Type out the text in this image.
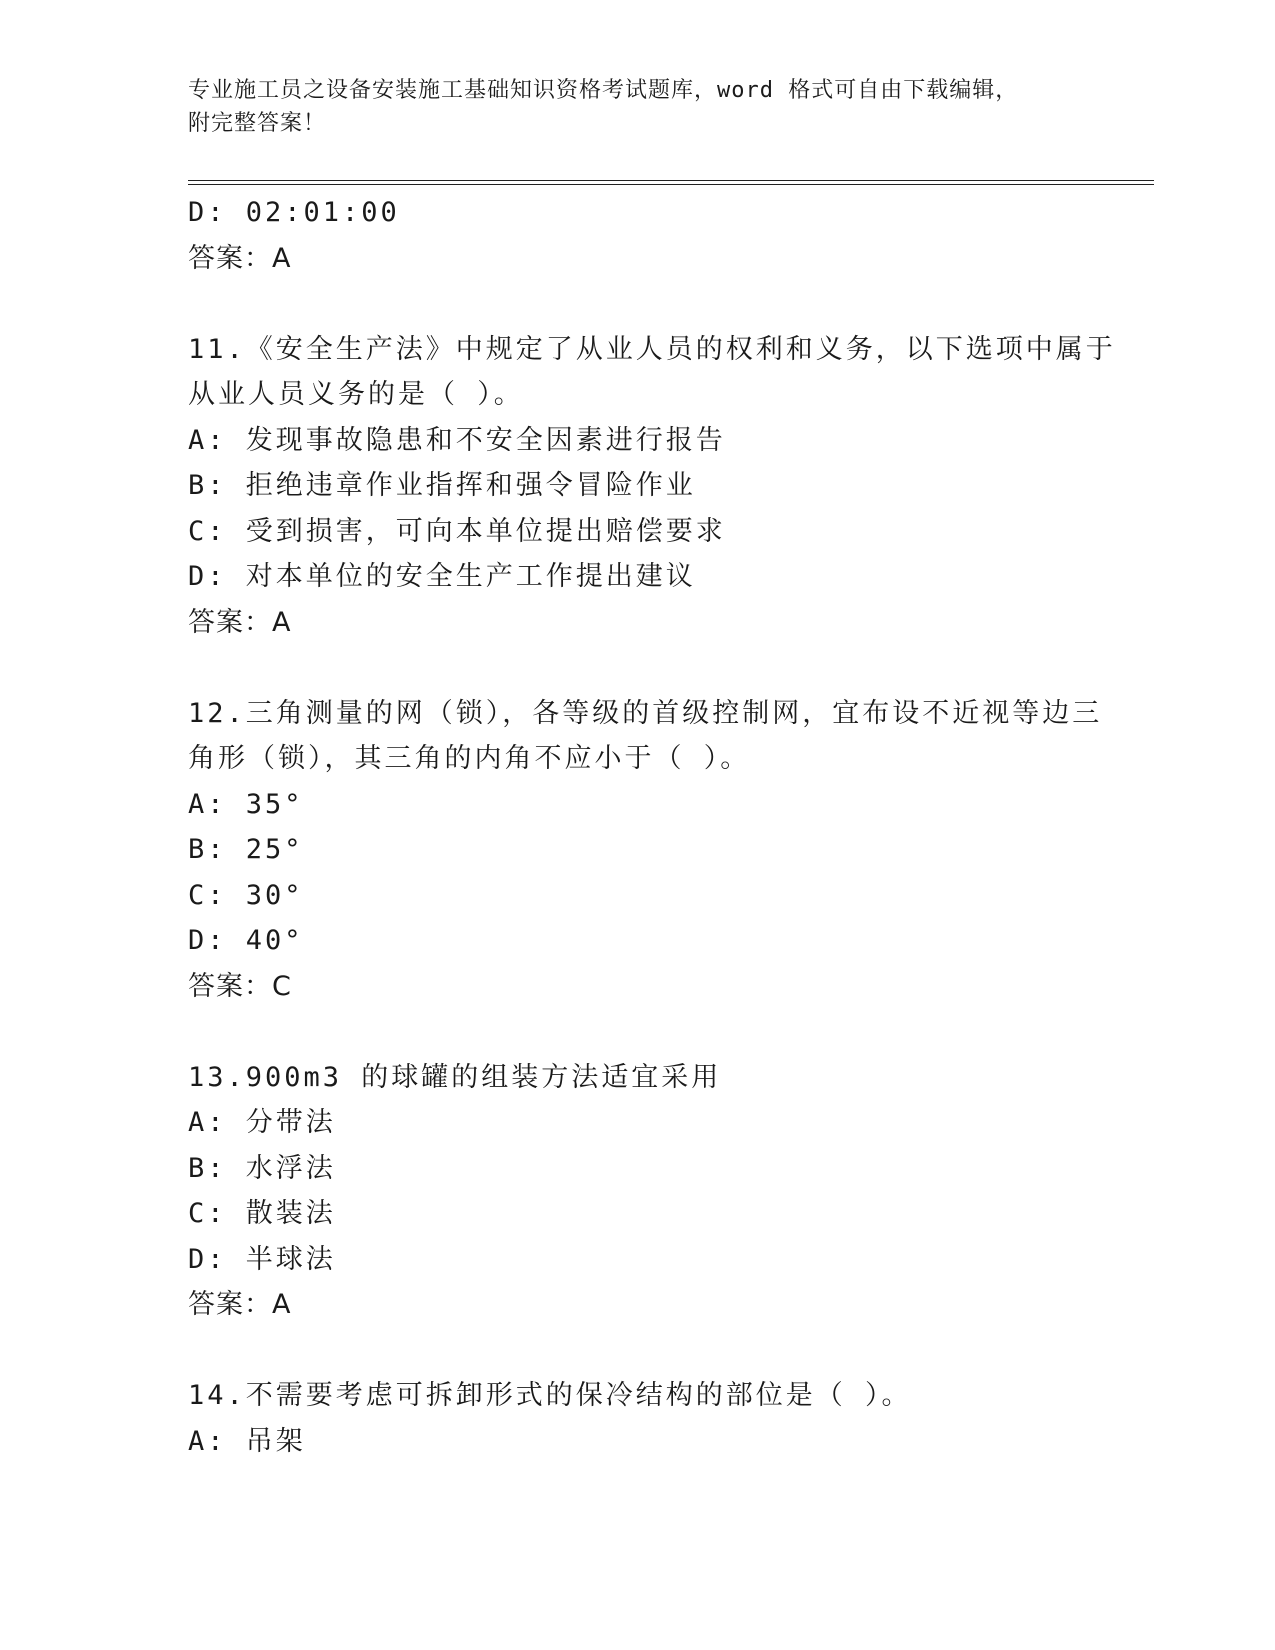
专业施工员之设备安装施工基础知识资格考试题库，word 格式可自由下载编辑，
附完整答案！
D: 02:01:00
答案：A
11.《安全生产法》中规定了从业人员的权利和义务，以下选项中属于
从业人员义务的是（ ）。
A: 发现事故隐患和不安全因素进行报告
B: 拒绝违章作业指挥和强令冒险作业
C: 受到损害，可向本单位提出赔偿要求
D: 对本单位的安全生产工作提出建议
答案：A
12.三角测量的网（锁），各等级的首级控制网，宜布设不近视等边三
角形（锁），其三角的内角不应小于（ ）。
A: 35°
B: 25°
C: 30°
D: 40°
答案：C
13.900m3 的球罐的组装方法适宜采用
A: 分带法
B: 水浮法
C: 散装法
D: 半球法
答案：A
14.不需要考虑可拆卸形式的保冷结构的部位是（ ）。
A: 吊架
